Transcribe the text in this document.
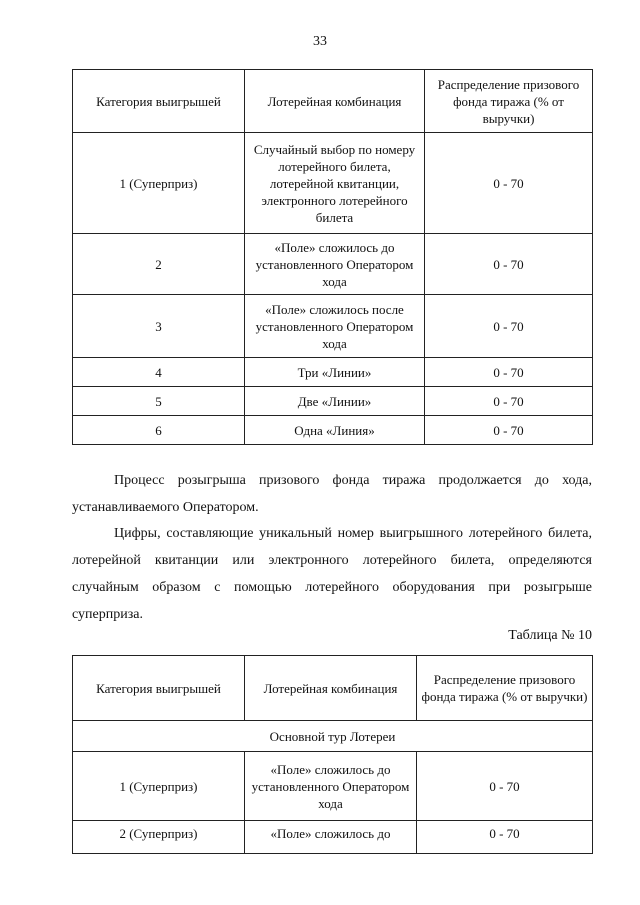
33
Категория выигрышей	Лотерейная комбинация	Распределение призового фонда тиража (% от выручки)
1 (Суперприз)	Случайный выбор по номеру лотерейного билета, лотерейной квитанции, электронного лотерейного билета	0 - 70
2	«Поле» сложилось до установленного Оператором хода	0 - 70
3	«Поле» сложилось после установленного Оператором хода	0 - 70
4	Три «Линии»	0 - 70
5	Две «Линии»	0 - 70
6	Одна «Линия»	0 - 70

Процесс розыгрыша призового фонда тиража продолжается до хода, устанавливаемого Оператором.

Цифры, составляющие уникальный номер выигрышного лотерейного билета, лотерейной квитанции или электронного лотерейного билета, определяются случайным образом с помощью лотерейного оборудования при розыгрыше суперприза.

Таблица № 10
Категория выигрышей	Лотерейная комбинация	Распределение призового фонда тиража (% от выручки)
Основной тур Лотереи		
1 (Суперприз)	«Поле» сложилось до установленного Оператором хода	0 - 70
2 (Суперприз)	«Поле» сложилось до	0 - 70
